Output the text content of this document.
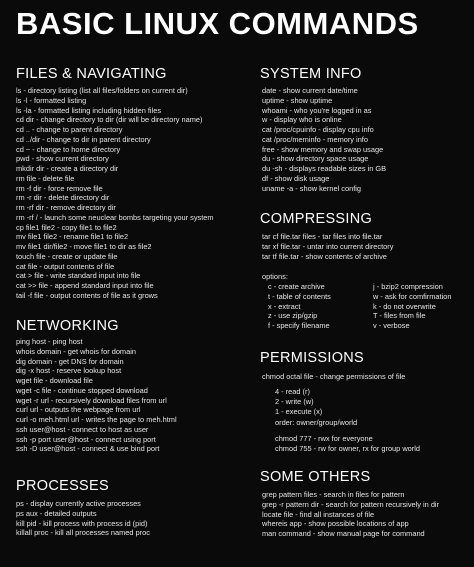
BASIC LINUX COMMANDS
FILES & NAVIGATING
ls - directory listing (list all files/folders on current dir)
ls -l - formatted listing
ls -la - formatted listing including hidden files
cd dir - change directory to dir (dir will be directory name)
cd .. - change to parent directory
cd ../dir - change to dir in parent directory
cd ~ - change to home directory
pwd - show current directory
mkdir dir - create a directory dir
rm file - delete file
rm -f dir - force remove file
rm -r dir - delete directory dir
rm -rf dir - remove directory dir
rm -rf / - launch some neuclear bombs targeting your system
cp file1 file2 - copy file1 to file2
mv file1 file2 - rename file1 to file2
mv file1 dir/file2 - move file1 to dir as file2
touch file - create or update file
cat file - output contents of file
cat > file - write standard input into file
cat >> file - append standard input into file
tail -f file - output contents of file as it grows
NETWORKING
ping host - ping host
whois domain - get whois for domain
dig domain - get DNS for domain
dig -x host - reserve lookup host
wget file - download file
wget -c file - continue stopped download
wget -r url - recursively download files from url
curl url - outputs the webpage from url
curl -o meh.html url - writes the page to meh.html
ssh user@host - connect to host as user
ssh -p port user@host - connect using port
ssh -D user@host - connect & use bind port
PROCESSES
ps - display currently active processes
ps aux - detailed outputs
kill pid - kill process with process id (pid)
killall proc - kill all processes named proc
SYSTEM INFO
date - show current date/time
uptime - show uptime
whoami - who you're logged in as
w - display who is online
cat /proc/cpuinfo - display cpu info
cat /proc/meminfo - memory info
free - show memory and swap usage
du - show directory space usage
du -sh - displays readable sizes in GB
df - show disk usage
uname -a - show kernel config
COMPRESSING
tar cf file.tar files - tar files into file.tar
tar xf file.tar - untar into current directory
tar tf file.tar - show contents of archive
options:
c - create archive
t - table of contents
x - extract
z - use zip/gzip
f - specify filename
j - bzip2 compression
w - ask for comfirmation
k - do not overwrite
T - files from file
v - verbose
PERMISSIONS
chmod octal file - change permissions of file
4 - read (r)
2 - write (w)
1 - execute (x)
order: owner/group/world
chmod 777 - rwx for everyone
chmod 755 - rw for owner, rx for group world
SOME OTHERS
grep pattern files - search in files for pattern
grep -r pattern dir - search for pattern recursively in dir
locate file - find all instances of file
whereis app - show possible locations of app
man command - show manual page for command
